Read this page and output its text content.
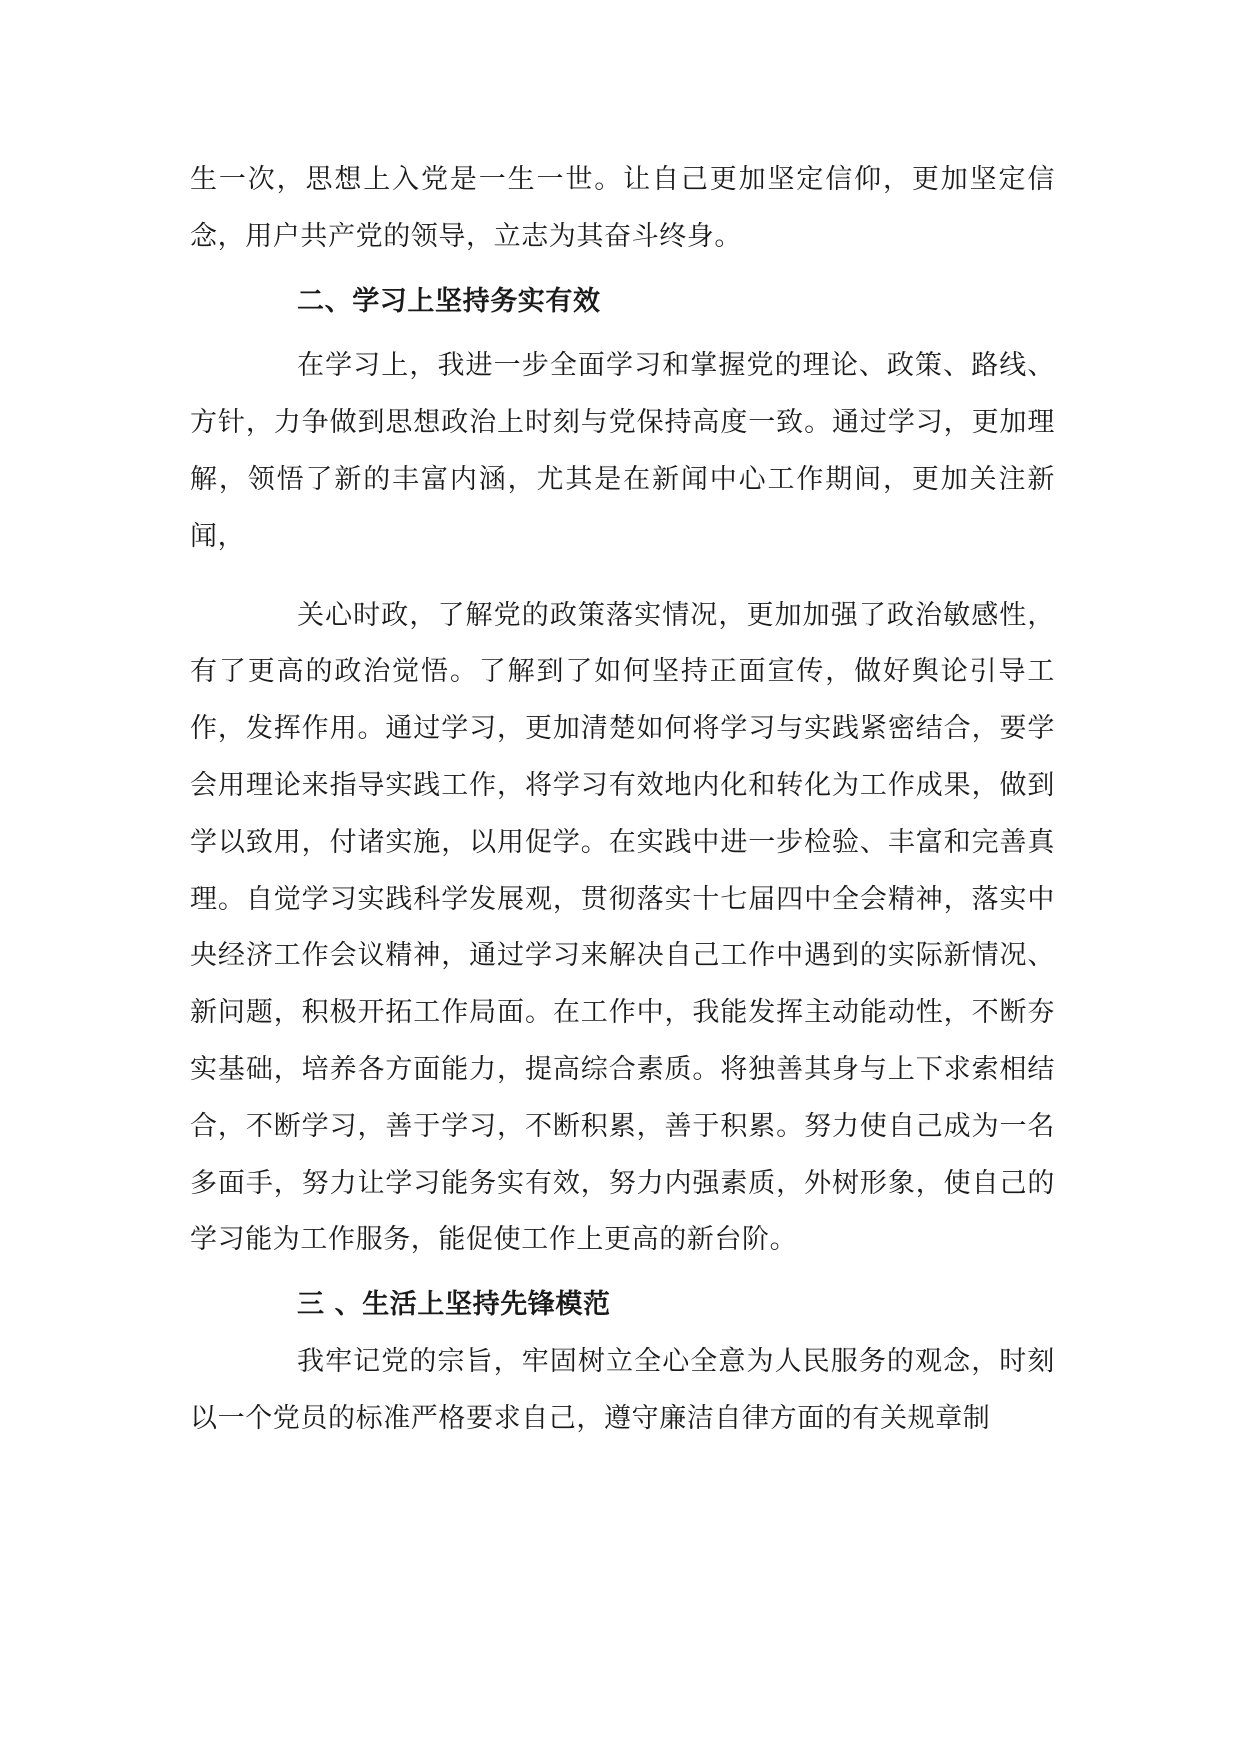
生一次，思想上入党是一生一世。让自己更加坚定信仰，更加坚定信念，用户共产党的领导，立志为其奋斗终身。

二、学习上坚持务实有效

在学习上，我进一步全面学习和掌握党的理论、政策、路线、方针，力争做到思想政治上时刻与党保持高度一致。通过学习，更加理解，领悟了新的丰富内涵，尤其是在新闻中心工作期间，更加关注新闻，

关心时政，了解党的政策落实情况，更加加强了政治敏感性，有了更高的政治觉悟。了解到了如何坚持正面宣传，做好舆论引导工作，发挥作用。通过学习，更加清楚如何将学习与实践紧密结合，要学会用理论来指导实践工作，将学习有效地内化和转化为工作成果，做到学以致用，付诸实施，以用促学。在实践中进一步检验、丰富和完善真理。自觉学习实践科学发展观，贯彻落实十七届四中全会精神，落实中央经济工作会议精神，通过学习来解决自己工作中遇到的实际新情况、新问题，积极开拓工作局面。在工作中，我能发挥主动能动性，不断夯实基础，培养各方面能力，提高综合素质。将独善其身与上下求索相结合，不断学习，善于学习，不断积累，善于积累。努力使自己成为一名多面手，努力让学习能务实有效，努力内强素质，外树形象，使自己的学习能为工作服务，能促使工作上更高的新台阶。

三 、生活上坚持先锋模范

我牢记党的宗旨，牢固树立全心全意为人民服务的观念，时刻以一个党员的标准严格要求自己，遵守廉洁自律方面的有关规章制
